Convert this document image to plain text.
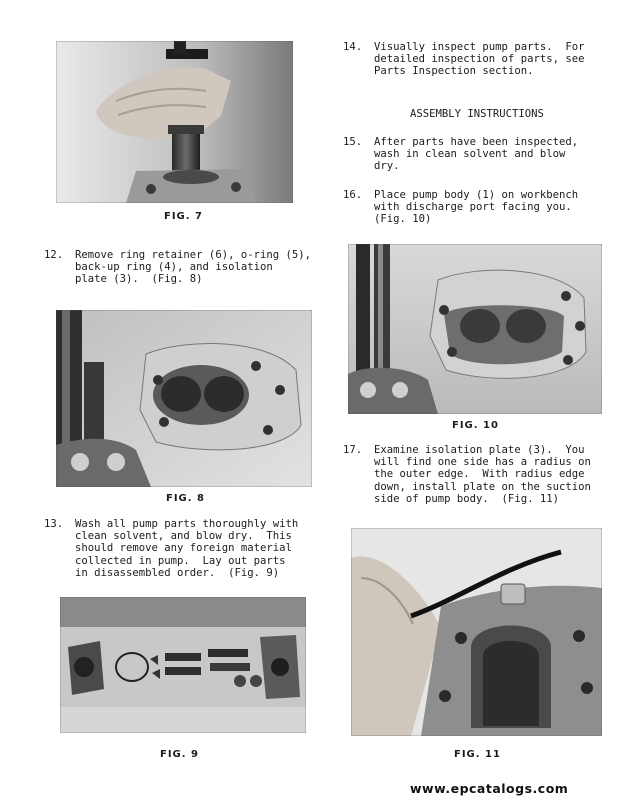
FIG. 7

12.

Remove ring retainer (6), o-ring (5),
back-up ring (4), and isolation
plate (3).  (Fig. 8)

FIG. 8

13.

Wash all pump parts thoroughly with
clean solvent, and blow dry.  This
should remove any foreign material
collected in pump.  Lay out parts
in disassembled order.  (Fig. 9)

FIG. 9

14.

Visually inspect pump parts.  For
detailed inspection of parts, see
Parts Inspection section.

ASSEMBLY INSTRUCTIONS

15.

After parts have been inspected,
wash in clean solvent and blow
dry.

16.

Place pump body (1) on workbench
with discharge port facing you.
(Fig. 10)

FIG. 10

17.

Examine isolation plate (3).  You
will find one side has a radius on
the outer edge.  With radius edge
down, install plate on the suction
side of pump body.  (Fig. 11)

FIG. 11
www.epcatalogs.com
